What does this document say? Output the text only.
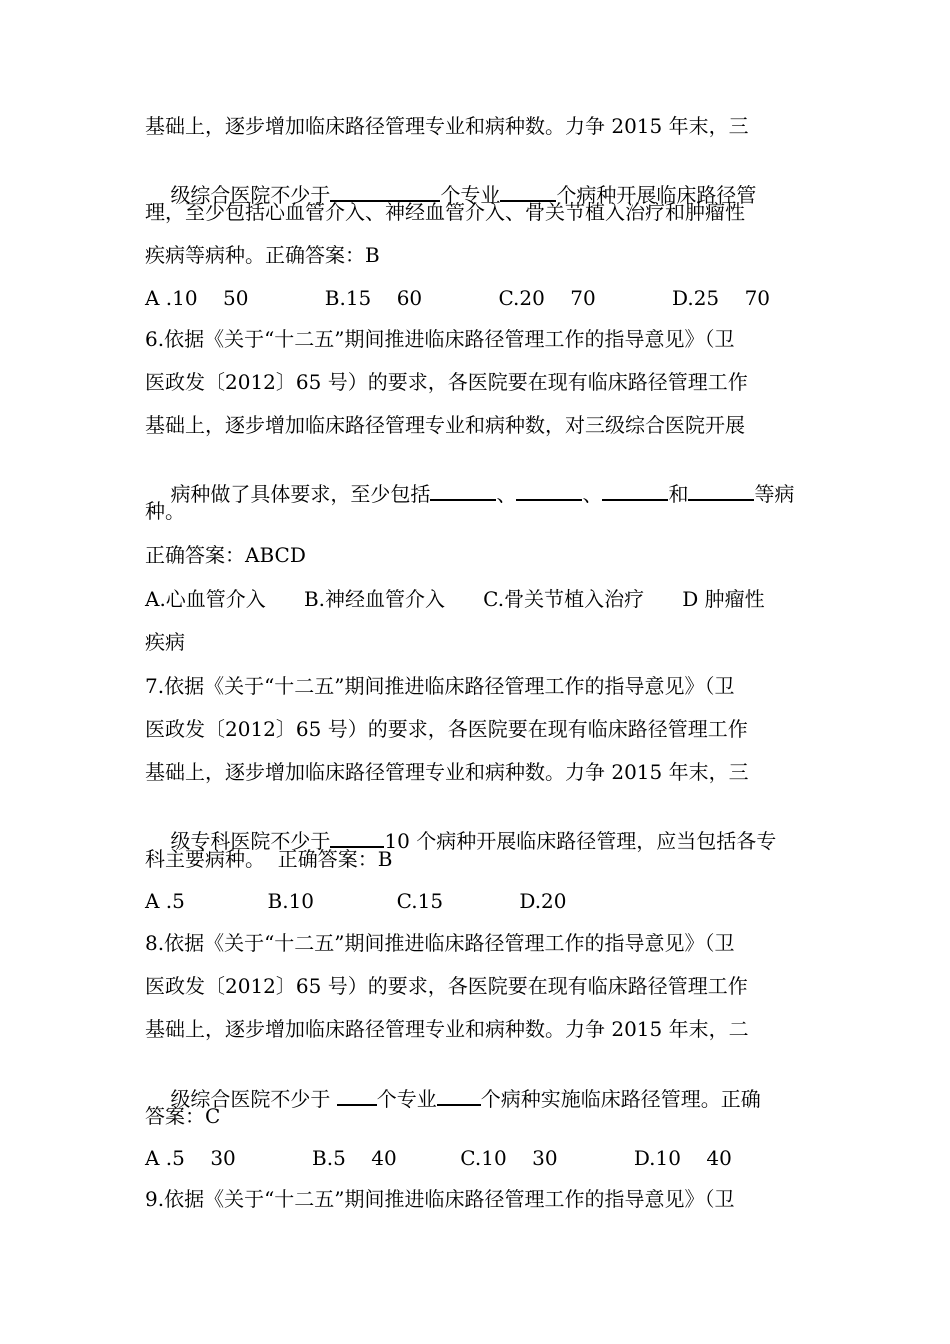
基础上，逐步增加临床路径管理专业和病种数。力争 2015 年末，三

级综合医院不少于	个专业	个病种开展临床路径管

理，至少包括心血管介入、神经血管介入、骨关节植入治疗和肿瘤性
疾病等病种。正确答案：B
A .10    50            B.15    60            C.20    70            D.25    70
6.依据《关于“十二五”期间推进临床路径管理工作的指导意见》（卫
医政发〔2012〕65 号）的要求，各医院要在现有临床路径管理工作
基础上，逐步增加临床路径管理专业和病种数，对三级综合医院开展

病种做了具体要求，至少包括	、	、	和	等病

种。
正确答案：ABCD
A.心血管介入      B.神经血管介入      C.骨关节植入治疗      D 肿瘤性
疾病
7.依据《关于“十二五”期间推进临床路径管理工作的指导意见》（卫
医政发〔2012〕65 号）的要求，各医院要在现有临床路径管理工作
基础上，逐步增加临床路径管理专业和病种数。力争 2015 年末，三

级专科医院不少于	10 个病种开展临床路径管理，应当包括各专

科主要病种。  正确答案：B
A .5             B.10             C.15            D.20
8.依据《关于“十二五”期间推进临床路径管理工作的指导意见》（卫
医政发〔2012〕65 号）的要求，各医院要在现有临床路径管理工作
基础上，逐步增加临床路径管理专业和病种数。力争 2015 年末，二

级综合医院不少于 个专业 个病种实施临床路径管理。正确

答案：C
A .5    30            B.5    40          C.10    30            D.10    40
9.依据《关于“十二五”期间推进临床路径管理工作的指导意见》（卫
